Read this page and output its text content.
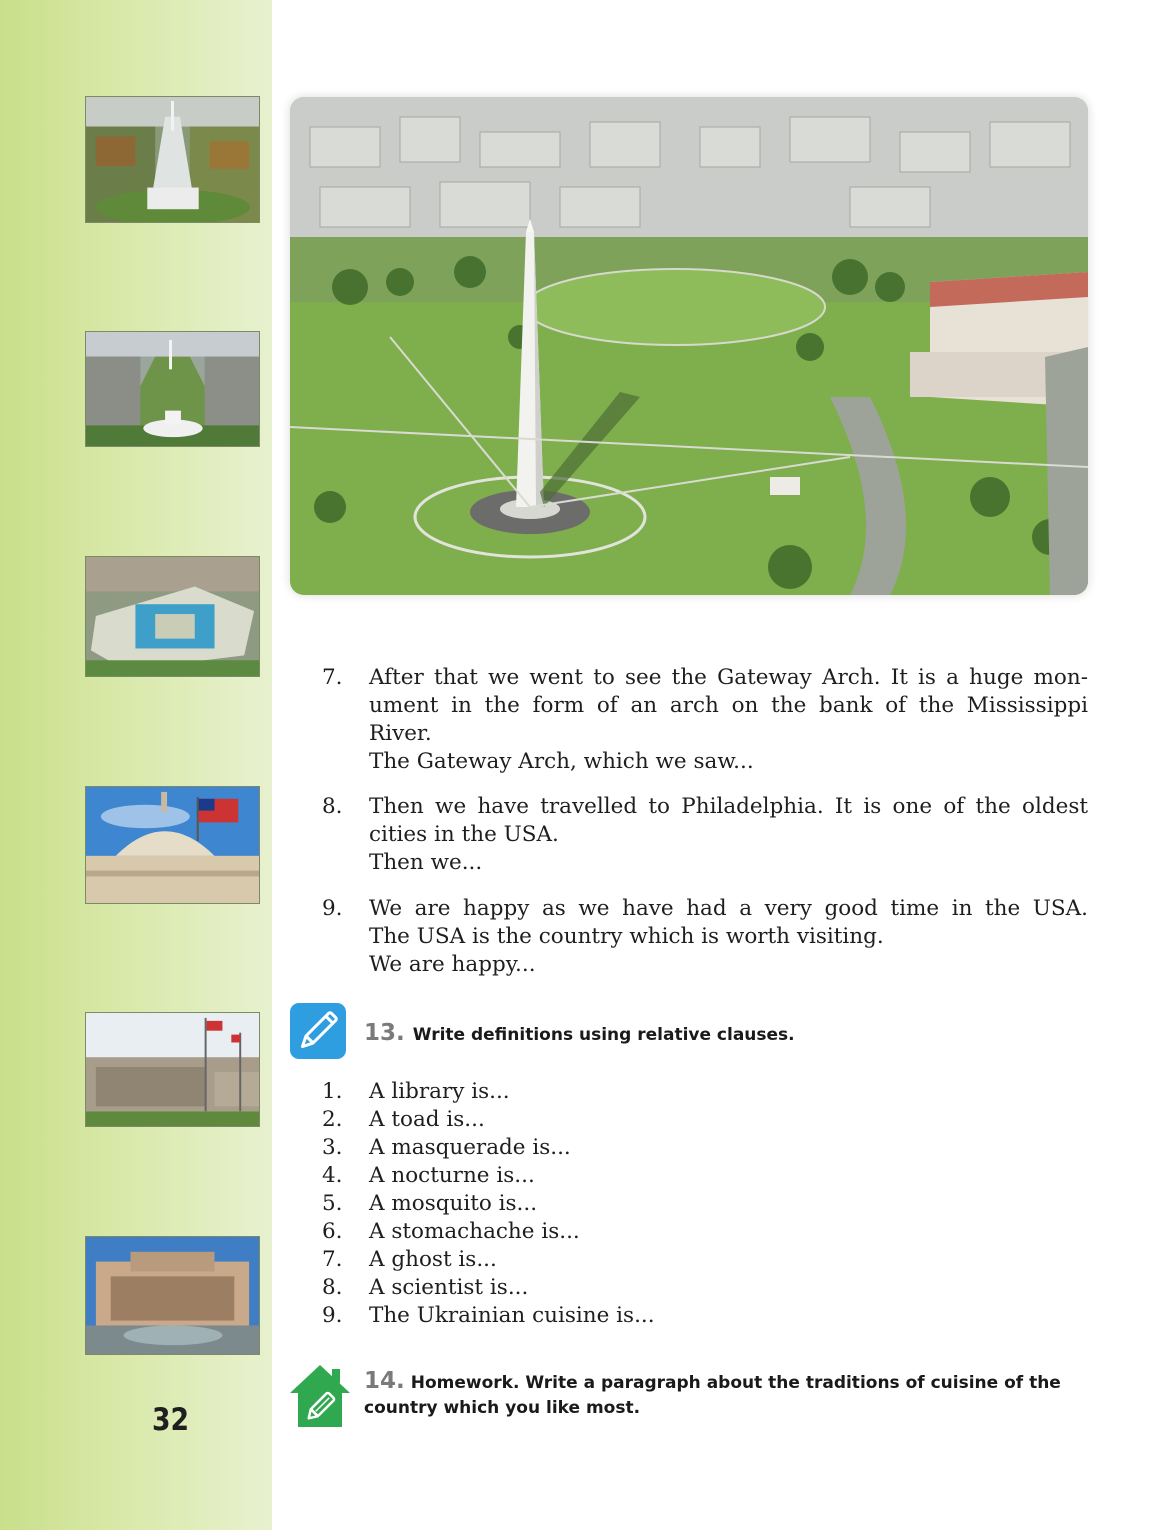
32
7. After that we went to see the Gateway Arch. It is a huge mon-
ument in the form of an arch on the bank of the Mississippi
River.
The Gateway Arch, which we saw...
8. Then we have travelled to Philadelphia. It is one of the oldest
cities in the USA.
Then we...
9. We are happy as we have had a very good time in the USA.
The USA is the country which is worth visiting.
We are happy...
13. Write definitions using relative clauses.
1. A library is...
2. A toad is...
3. A masquerade is...
4. A nocturne is...
5. A mosquito is...
6. A stomachache is...
7. A ghost is...
8. A scientist is...
9. The Ukrainian cuisine is...
14. Homework. Write a paragraph about the traditions of cuisine of the
country which you like most.
